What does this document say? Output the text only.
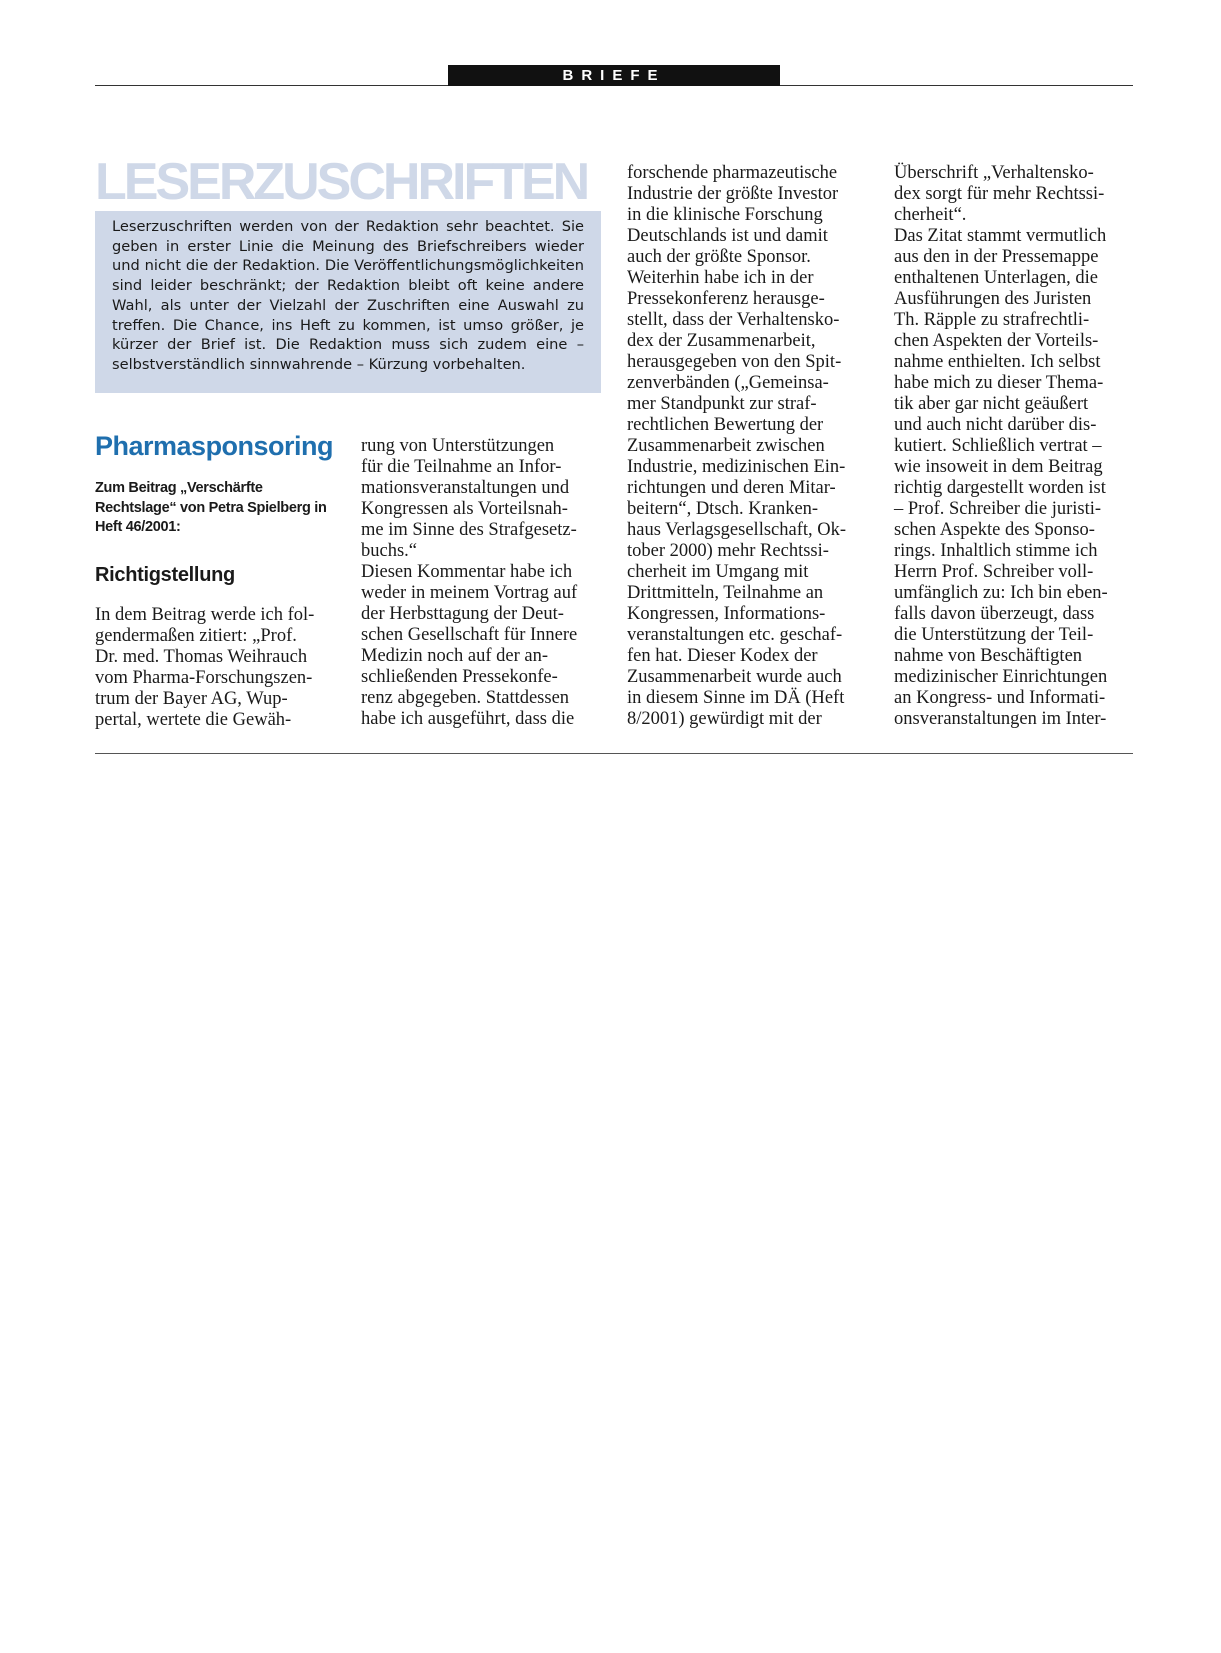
BRIEFE
LESERZUSCHRIFTEN

Leserzuschriften werden von der Redaktion sehr beachtet. Sie geben in erster Linie die Meinung des Briefschreibers wieder und nicht die der Redaktion. Die Veröffentlichungsmöglichkeiten sind leider beschränkt; der Redaktion bleibt oft keine andere Wahl, als unter der Vielzahl der Zuschriften eine Auswahl zu treffen. Die Chance, ins Heft zu kommen, ist umso größer, je kürzer der Brief ist. Die Redaktion muss sich zudem eine – selbstverständlich sinnwahrende – Kürzung vorbehalten.

Pharmasponsoring

Zum Beitrag „Verschärfte Rechtslage“ von Petra Spielberg in Heft 46/2001:

Richtigstellung
In dem Beitrag werde ich fol-
gendermaßen zitiert: „Prof.
Dr. med. Thomas Weihrauch
vom Pharma-Forschungszen-
trum der Bayer AG, Wup-
pertal, wertete die Gewäh-
rung von Unterstützungen
für die Teilnahme an Infor-
mationsveranstaltungen und
Kongressen als Vorteilsnah-
me im Sinne des Strafgesetz-
buchs.“
Diesen Kommentar habe ich
weder in meinem Vortrag auf
der Herbsttagung der Deut-
schen Gesellschaft für Innere
Medizin noch auf der an-
schließenden Pressekonfe-
renz abgegeben. Stattdessen
habe ich ausgeführt, dass die
forschende pharmazeutische
Industrie der größte Investor
in die klinische Forschung
Deutschlands ist und damit
auch der größte Sponsor.
Weiterhin habe ich in der
Pressekonferenz herausge-
stellt, dass der Verhaltensko-
dex der Zusammenarbeit,
herausgegeben von den Spit-
zenverbänden („Gemeinsa-
mer Standpunkt zur straf-
rechtlichen Bewertung der
Zusammenarbeit zwischen
Industrie, medizinischen Ein-
richtungen und deren Mitar-
beitern“, Dtsch. Kranken-
haus Verlagsgesellschaft, Ok-
tober 2000) mehr Rechtssi-
cherheit im Umgang mit
Drittmitteln, Teilnahme an
Kongressen, Informations-
veranstaltungen etc. geschaf-
fen hat. Dieser Kodex der
Zusammenarbeit wurde auch
in diesem Sinne im DÄ (Heft
8/2001) gewürdigt mit der
Überschrift „Verhaltensko-
dex sorgt für mehr Rechtssi-
cherheit“.
Das Zitat stammt vermutlich
aus den in der Pressemappe
enthaltenen Unterlagen, die
Ausführungen des Juristen
Th. Räpple zu strafrechtli-
chen Aspekten der Vorteils-
nahme enthielten. Ich selbst
habe mich zu dieser Thema-
tik aber gar nicht geäußert
und auch nicht darüber dis-
kutiert. Schließlich vertrat –
wie insoweit in dem Beitrag
richtig dargestellt worden ist
– Prof. Schreiber die juristi-
schen Aspekte des Sponso-
rings. Inhaltlich stimme ich
Herrn Prof. Schreiber voll-
umfänglich zu: Ich bin eben-
falls davon überzeugt, dass
die Unterstützung der Teil-
nahme von Beschäftigten
medizinischer Einrichtungen
an Kongress- und Informati-
onsveranstaltungen im Inter-
